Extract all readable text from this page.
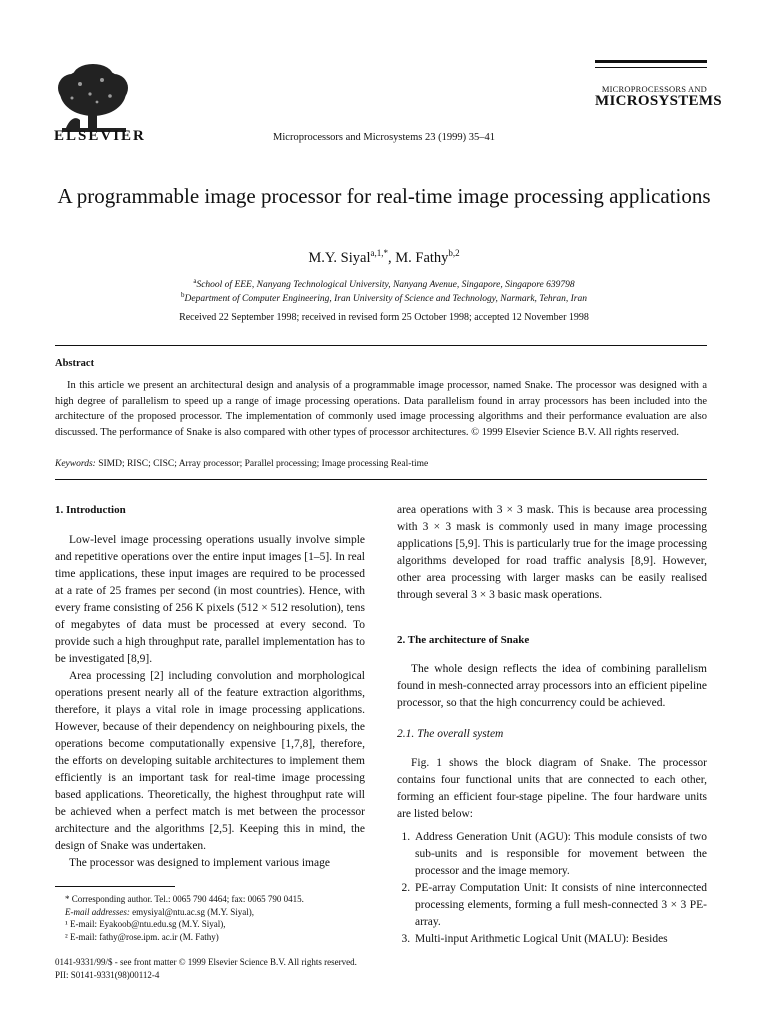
ELSEVIER	Microprocessors and Microsystems 23 (1999) 35–41
MICROPROCESSORS AND
MICROSYSTEMS
A programmable image processor for real-time image processing applications
M.Y. Siyal$^{a,1,*}$, M. Fathy$^{b,2}$
$^a$School of EEE, Nanyang Technological University, Nanyang Avenue, Singapore, Singapore 639798
$^b$Department of Computer Engineering, Iran University of Science and Technology, Narmark, Tehran, Iran
Received 22 September 1998; received in revised form 25 October 1998; accepted 12 November 1998
Abstract
In this article we present an architectural design and analysis of a programmable image processor, named Snake. The processor was designed with a high degree of parallelism to speed up a range of image processing operations. Data parallelism found in array processors has been included into the architecture of the proposed processor. The implementation of commonly used image processing algorithms and their performance evaluation are also discussed. The performance of Snake is also compared with other types of processor architectures. © 1999 Elsevier Science B.V. All rights reserved.
Keywords: SIMD; RISC; CISC; Array processor; Parallel processing; Image processing Real-time
1. Introduction

Low-level image processing operations usually involve simple and repetitive operations over the entire input images [1–5]. In real time applications, these input images are required to be processed at a rate of 25 frames per second (in most countries). Hence, with every frame consisting of 256 K pixels (512 × 512 resolution), tens of megabytes of data must be processed at every second. To provide such a high throughput rate, parallel implementation has to be investigated [8,9].

Area processing [2] including convolution and morphological operations present nearly all of the feature extraction algorithms, therefore, it plays a vital role in image processing applications. However, because of their dependency on neighbouring pixels, the operations become computationally expensive [1,7,8], therefore, the efforts on developing suitable architectures to implement them efficiently is an important task for real-time image processing based applications. Theoretically, the highest throughput rate will be achieved when a perfect match is met between the processor architecture and the algorithms [2,5]. Keeping this in mind, the design of Snake was undertaken.

The processor was designed to implement various image

* Corresponding author. Tel.: 0065 790 4464; fax: 0065 790 0415.
E-mail addresses: emysiyal@ntu.ac.sg (M.Y. Siyal),
¹ E-mail: Eyakoob@ntu.edu.sg (M.Y. Siyal),
² E-mail: fathy@rose.ipm. ac.ir (M. Fathy)
0141-9331/99/$ - see front matter © 1999 Elsevier Science B.V. All rights reserved.
PII: S0141-9331(98)00112-4

area operations with 3 × 3 mask. This is because area processing with 3 × 3 mask is commonly used in many image processing applications [5,9]. This is particularly true for the image processing algorithms developed for road traffic analysis [8,9]. However, other area processing with larger masks can be easily realised through several 3 × 3 basic mask operations.

2. The architecture of Snake

The whole design reflects the idea of combining parallelism found in mesh-connected array processors into an efficient pipeline processor, so that the high concurrency could be achieved.

2.1. The overall system

Fig. 1 shows the block diagram of Snake. The processor contains four functional units that are connected to each other, forming an efficient four-stage pipeline. The four hardware units are listed below:

1. Address Generation Unit (AGU): This module consists of two sub-units and is responsible for movement between the processor and the image memory.
2. PE-array Computation Unit: It consists of nine interconnected processing elements, forming a full mesh-connected 3 × 3 PE-array.
3. Multi-input Arithmetic Logical Unit (MALU): Besides
